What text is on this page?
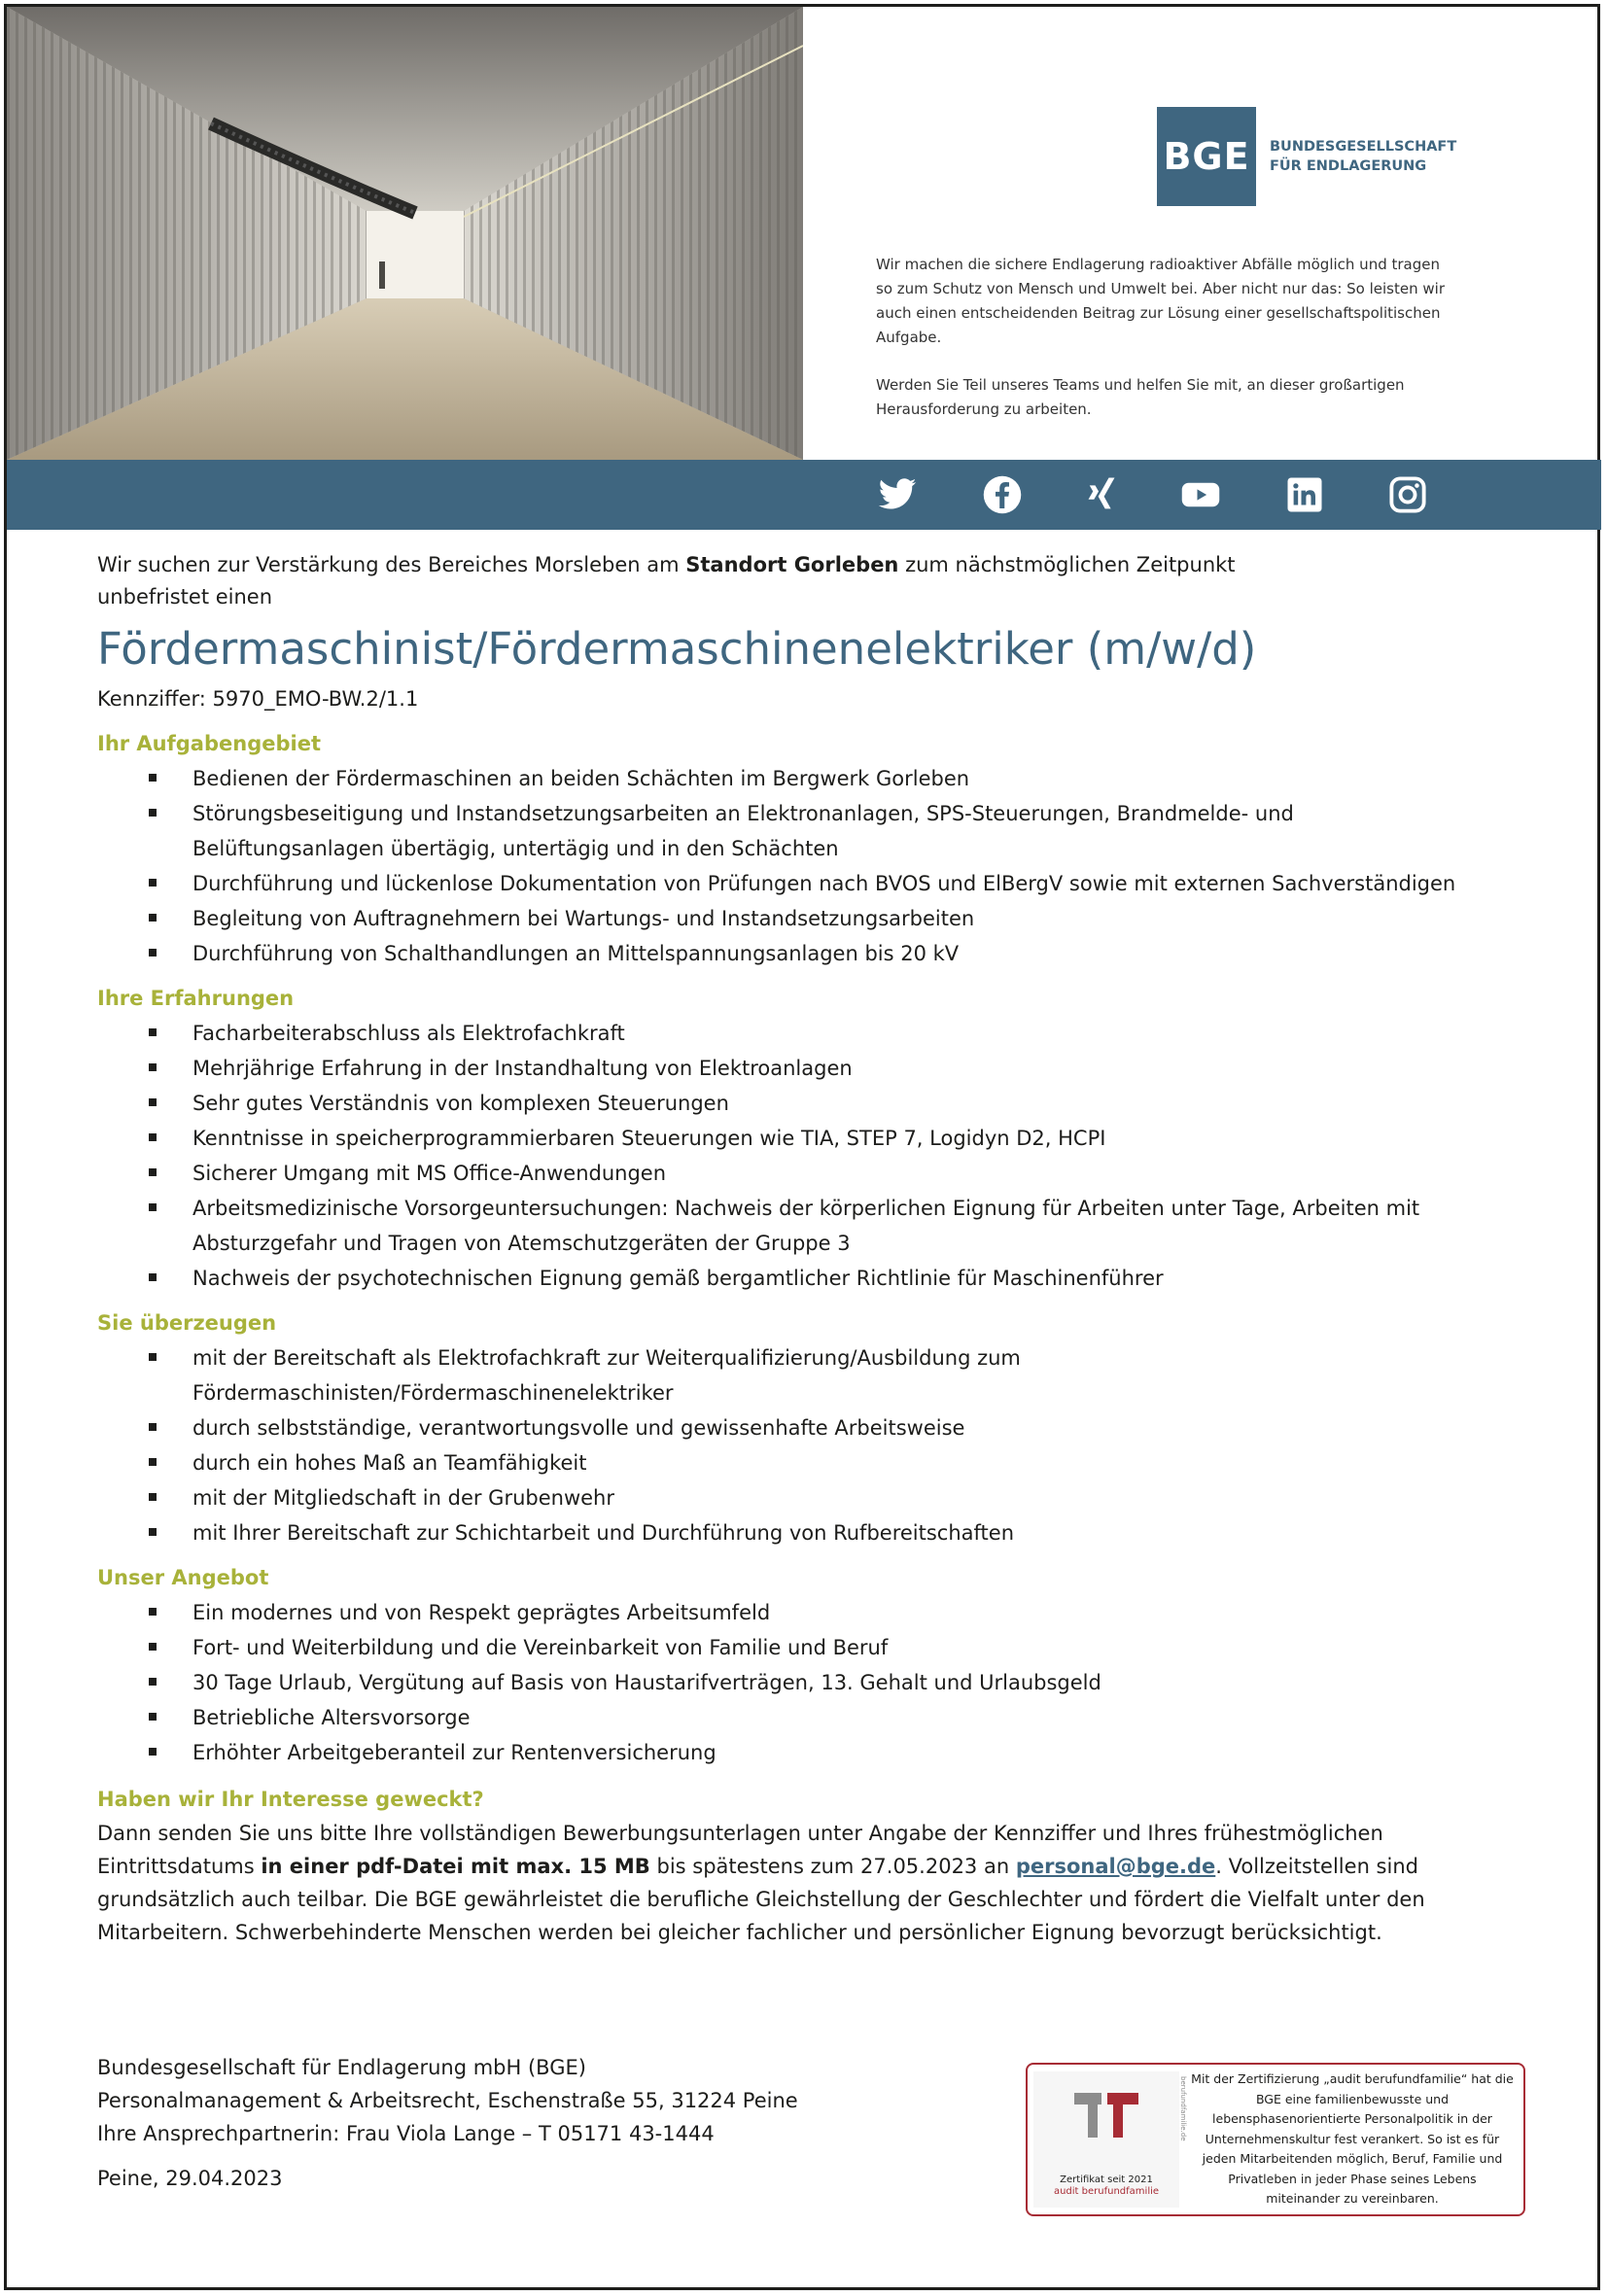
BGE	BUNDESGESELLSCHAFT
FÜR ENDLAGERUNG

Wir machen die sichere Endlagerung radioaktiver Abfälle möglich und tragen so zum Schutz von Mensch und Umwelt bei. Aber nicht nur das: So leisten wir auch einen entscheidenden Beitrag zur Lösung einer gesellschaftspolitischen Aufgabe.

Werden Sie Teil unseres Teams und helfen Sie mit, an dieser großartigen Herausforderung zu arbeiten.

Wir suchen zur Verstärkung des Bereiches Morsleben am Standort Gorleben zum nächstmöglichen Zeitpunkt
unbefristet einen

Fördermaschinist/Fördermaschinenelektriker (m/w/d)

Kennziffer: 5970_EMO-BW.2/1.1

Ihr Aufgabengebiet
Bedienen der Fördermaschinen an beiden Schächten im Bergwerk Gorleben
Störungsbeseitigung und Instandsetzungsarbeiten an Elektronanlagen, SPS-Steuerungen, Brandmelde- und Belüftungsanlagen übertägig, untertägig und in den Schächten
Durchführung und lückenlose Dokumentation von Prüfungen nach BVOS und ElBergV sowie mit externen Sachverständigen
Begleitung von Auftragnehmern bei Wartungs- und Instandsetzungsarbeiten
Durchführung von Schalthandlungen an Mittelspannungsanlagen bis 20 kV
Ihre Erfahrungen
Facharbeiterabschluss als Elektrofachkraft
Mehrjährige Erfahrung in der Instandhaltung von Elektroanlagen
Sehr gutes Verständnis von komplexen Steuerungen
Kenntnisse in speicherprogrammierbaren Steuerungen wie TIA, STEP 7, Logidyn D2, HCPI
Sicherer Umgang mit MS Office-Anwendungen
Arbeitsmedizinische Vorsorgeuntersuchungen: Nachweis der körperlichen Eignung für Arbeiten unter Tage, Arbeiten mit Absturzgefahr und Tragen von Atemschutzgeräten der Gruppe 3
Nachweis der psychotechnischen Eignung gemäß bergamtlicher Richtlinie für Maschinenführer
Sie überzeugen
mit der Bereitschaft als Elektrofachkraft zur Weiterqualifizierung/Ausbildung zum Fördermaschinisten/Fördermaschinenelektriker
durch selbstständige, verantwortungsvolle und gewissenhafte Arbeitsweise
durch ein hohes Maß an Teamfähigkeit
mit der Mitgliedschaft in der Grubenwehr
mit Ihrer Bereitschaft zur Schichtarbeit und Durchführung von Rufbereitschaften
Unser Angebot
Ein modernes und von Respekt geprägtes Arbeitsumfeld
Fort- und Weiterbildung und die Vereinbarkeit von Familie und Beruf
30 Tage Urlaub, Vergütung auf Basis von Haustarifverträgen, 13. Gehalt und Urlaubsgeld
Betriebliche Altersvorsorge
Erhöhter Arbeitgeberanteil zur Rentenversicherung
Haben wir Ihr Interesse geweckt?

Dann senden Sie uns bitte Ihre vollständigen Bewerbungsunterlagen unter Angabe der Kennziffer und Ihres frühestmöglichen Eintrittsdatums in einer pdf-Datei mit max. 15 MB bis spätestens zum 27.05.2023 an personal@bge.de. Vollzeitstellen sind grundsätzlich auch teilbar. Die BGE gewährleistet die berufliche Gleichstellung der Geschlechter und fördert die Vielfalt unter den Mitarbeitern. Schwerbehinderte Menschen werden bei gleicher fachlicher und persönlicher Eignung bevorzugt berücksichtigt.

Bundesgesellschaft für Endlagerung mbH (BGE)

Personalmanagement & Arbeitsrecht, Eschenstraße 55, 31224 Peine

Ihre Ansprechpartnerin: Frau Viola Lange – T 05171 43-1444

Peine, 29.04.2023	Zertifikat seit 2021
audit berufundfamilie
berufundfamilie.de Mit der Zertifizierung „audit berufundfamilie“ hat die BGE eine familienbewusste und lebensphasenorientierte Personalpolitik in der Unternehmenskultur fest verankert. So ist es für jeden Mitarbeitenden möglich, Beruf, Familie und Privatleben in jeder Phase seines Lebens miteinander zu vereinbaren.
